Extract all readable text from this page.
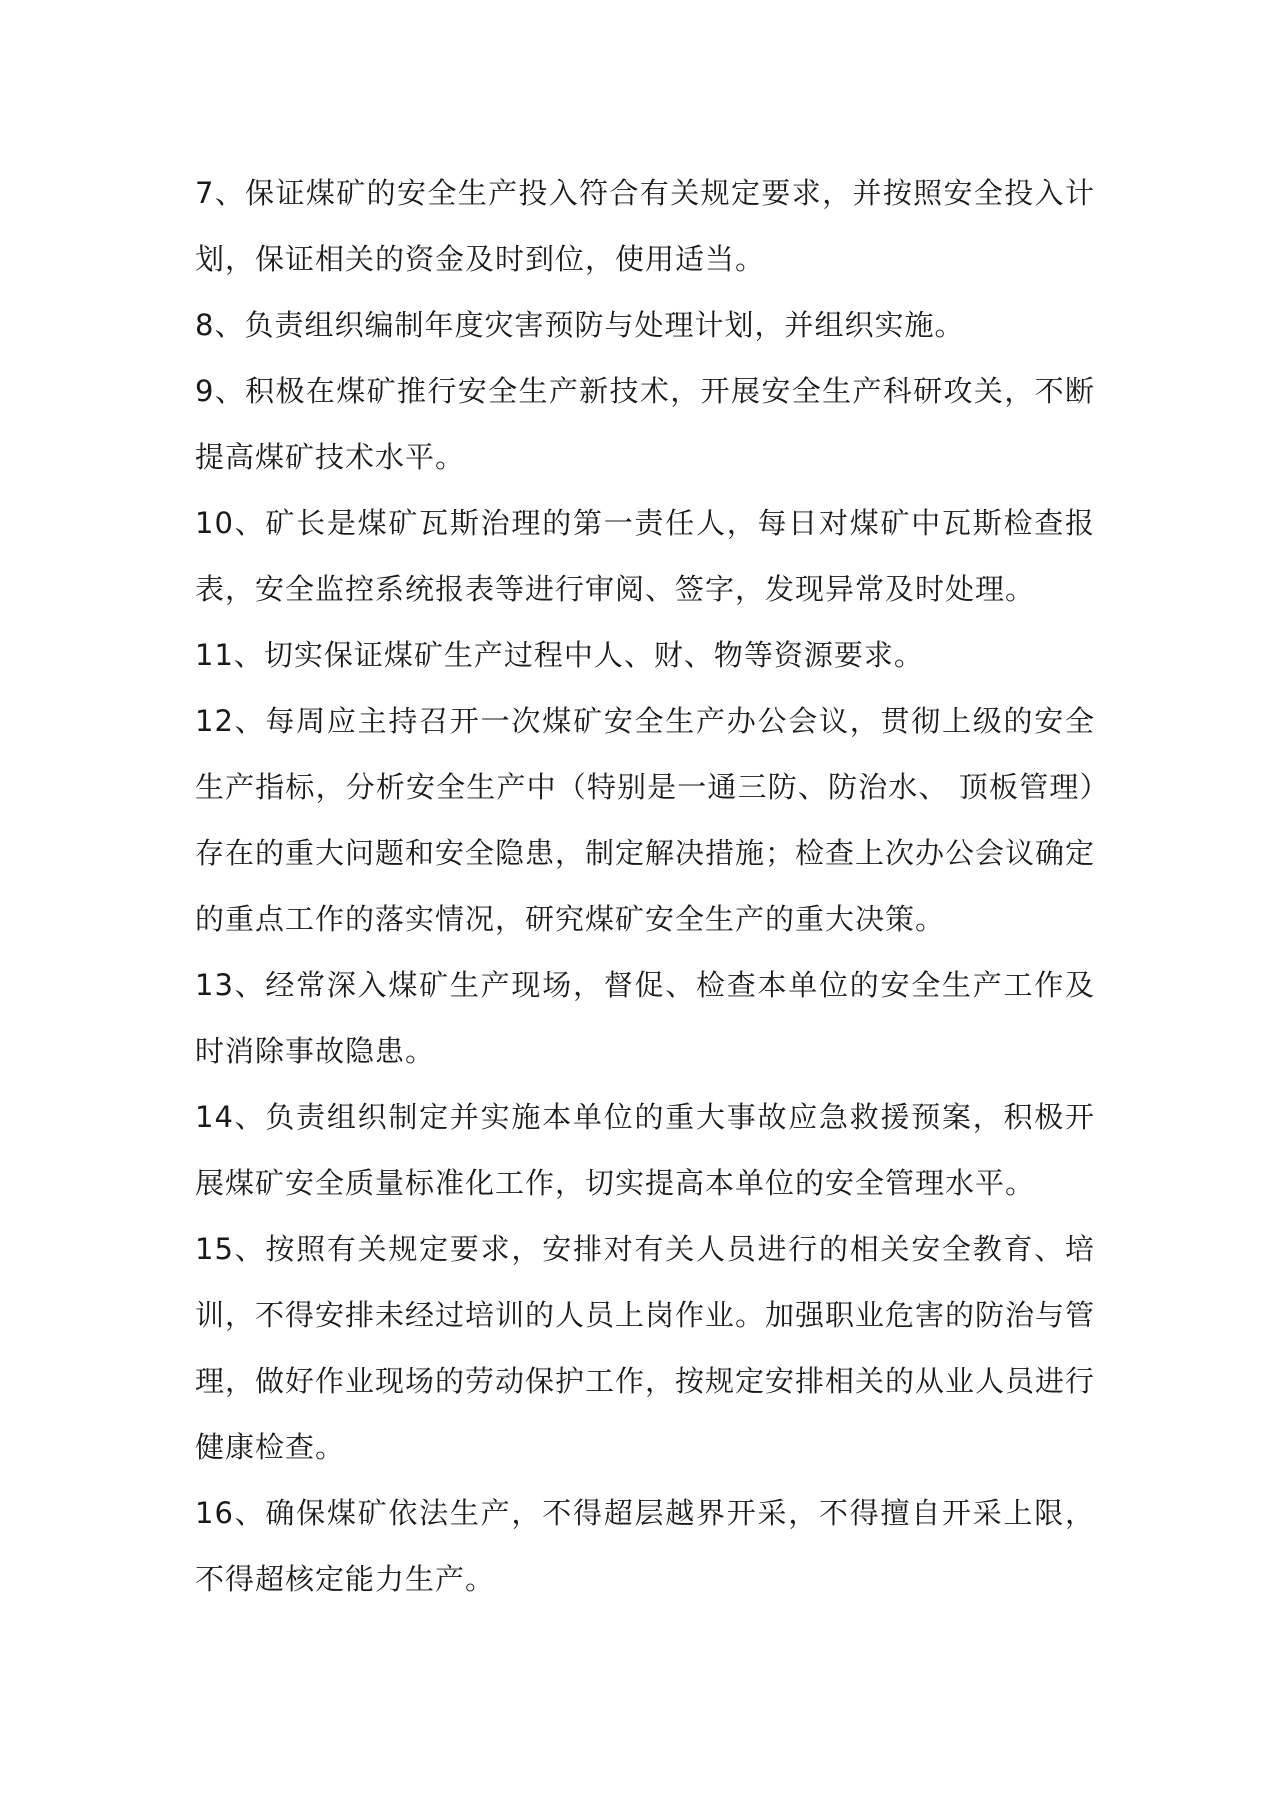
7、保证煤矿的安全生产投入符合有关规定要求，并按照安全投入计划，保证相关的资金及时到位，使用适当。

8、负责组织编制年度灾害预防与处理计划，并组织实施。

9、积极在煤矿推行安全生产新技术，开展安全生产科研攻关，不断提高煤矿技术水平。

10、矿长是煤矿瓦斯治理的第一责任人，每日对煤矿中瓦斯检查报表，安全监控系统报表等进行审阅、签字，发现异常及时处理。

11、切实保证煤矿生产过程中人、财、物等资源要求。

12、每周应主持召开一次煤矿安全生产办公会议，贯彻上级的安全生产指标，分析安全生产中（特别是一通三防、防治水、 顶板管理）存在的重大问题和安全隐患，制定解决措施；检查上次办公会议确定的重点工作的落实情况，研究煤矿安全生产的重大决策。

13、经常深入煤矿生产现场，督促、检查本单位的安全生产工作及时消除事故隐患。

14、负责组织制定并实施本单位的重大事故应急救援预案，积极开展煤矿安全质量标准化工作，切实提高本单位的安全管理水平。

15、按照有关规定要求，安排对有关人员进行的相关安全教育、培训，不得安排未经过培训的人员上岗作业。加强职业危害的防治与管理，做好作业现场的劳动保护工作，按规定安排相关的从业人员进行健康检查。

16、确保煤矿依法生产，不得超层越界开采，不得擅自开采上限，不得超核定能力生产。
